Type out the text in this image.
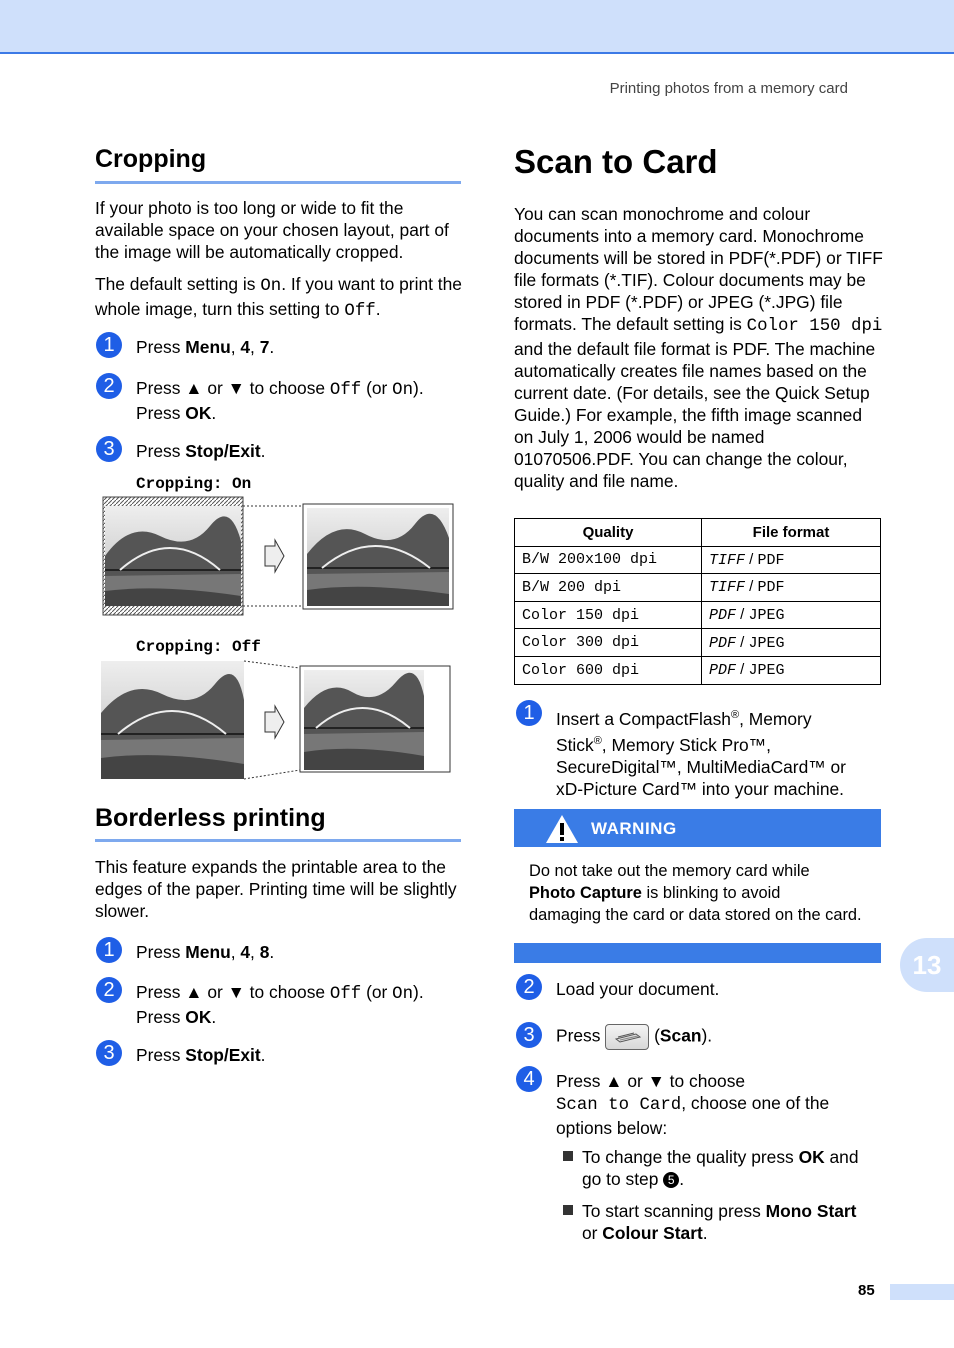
Printing photos from a memory card
Cropping
If your photo is too long or wide to fit the available space on your chosen layout, part of the image will be automatically cropped.
The default setting is On. If you want to print the whole image, turn this setting to Off.
1	Press Menu, 4, 7.
2	Press ▲ or ▼ to choose Off (or On).
Press OK.
3	Press Stop/Exit.
Cropping: On
Cropping: Off
Borderless printing
This feature expands the printable area to the edges of the paper. Printing time will be slightly slower.
1	Press Menu, 4, 8.
2	Press ▲ or ▼ to choose Off (or On).
Press OK.
3	Press Stop/Exit.
Scan to Card
You can scan monochrome and colour documents into a memory card. Monochrome documents will be stored in PDF(*.PDF) or TIFF file formats (*.TIF). Colour documents may be stored in PDF (*.PDF) or JPEG (*.JPG) file formats. The default setting is Color 150 dpi and the default file format is PDF. The machine automatically creates file names based on the current date. (For details, see the Quick Setup Guide.) For example, the fifth image scanned on July 1, 2006 would be named 01070506.PDF. You can change the colour, quality and file name.
Quality	File format
B/W 200x100 dpi	TIFF / PDF
B/W 200 dpi	TIFF / PDF
Color 150 dpi	PDF / JPEG
Color 300 dpi	PDF / JPEG
Color 600 dpi	PDF / JPEG
1	Insert a CompactFlash®, Memory
Stick®, Memory Stick Pro™,
SecureDigital™, MultiMediaCard™ or
xD-Picture Card™ into your machine.
WARNING
Do not take out the memory card while
Photo Capture is blinking to avoid
damaging the card or data stored on the card.
2	Load your document.
3	Press	(Scan).
4	Press ▲ or ▼ to choose
Scan to Card, choose one of the
options below:
To change the quality press OK and
go to step 5 .
To start scanning press Mono Start
or Colour Start.
13
85
